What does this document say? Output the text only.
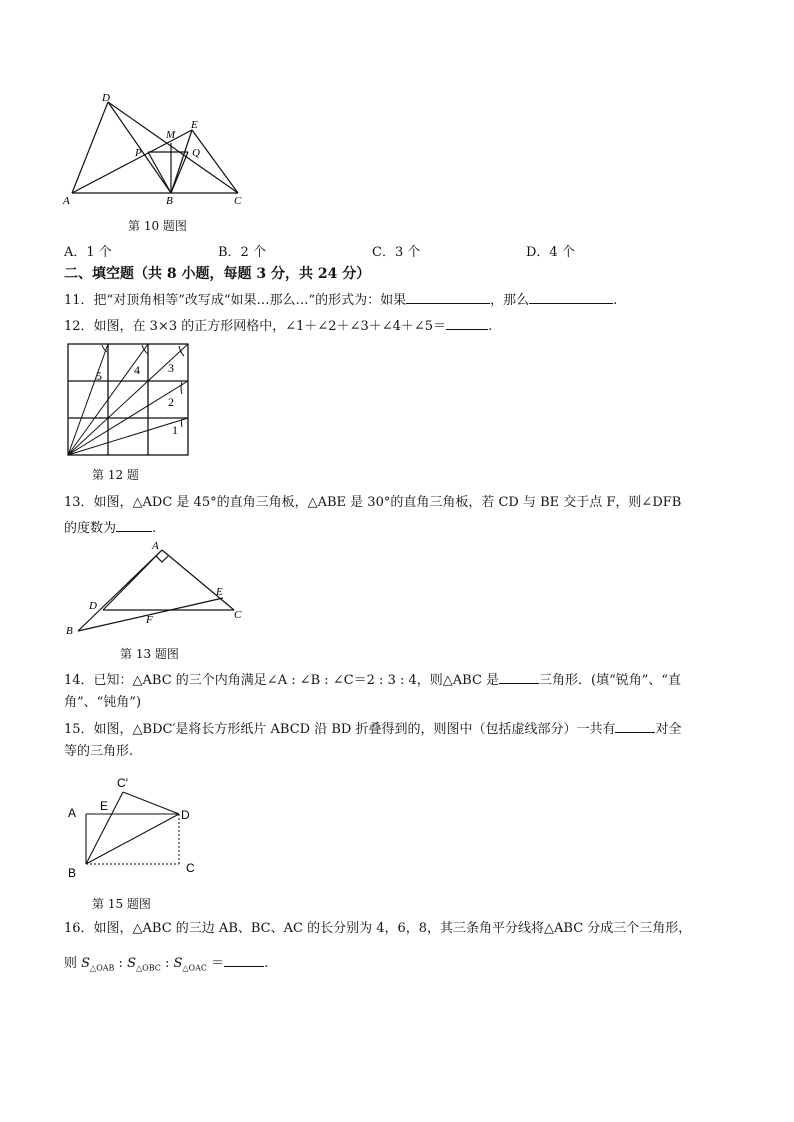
D
M
E
P	Q
A	B	C
第 10 题图
A．1 个	B．2 个	C．3 个	D．4 个
二、填空题（共 8 小题，每题 3 分，共 24 分）
11．把“对顶角相等”改写成“如果…那么…”的形式为：如果	，那么	.
12．如图，在 3×3 的正方形网格中，∠1＋∠2＋∠3＋∠4＋∠5＝	.
1
2
3
4
5
第 12 题
13．如图，△ADC 是 45°的直角三角板，△ABE 是 30°的直角三角板，若 CD 与 BE 交于点 F，则∠DFB
的度数为	.
A
E
D
F	C
B
第 13 题图
14．已知：△ABC 的三个内角满足∠A : ∠B : ∠C＝2 : 3 : 4，则△ABC 是	三角形．(填“锐角”、“直
角”、“钝角”)
15．如图，△BDC′是将长方形纸片 ABCD 沿 BD 折叠得到的，则图中（包括虚线部分）一共有	对全
等的三角形.
C'
A E
D
B	C
第 15 题图
16．如图，△ABC 的三边 AB、BC、AC 的长分别为 4，6，8，其三条角平分线将△ABC 分成三个三角形，
则 $S_{\triangle OAB}$ : $S_{\triangle OBC}$ : $S_{\triangle OAC}$ ＝	.
